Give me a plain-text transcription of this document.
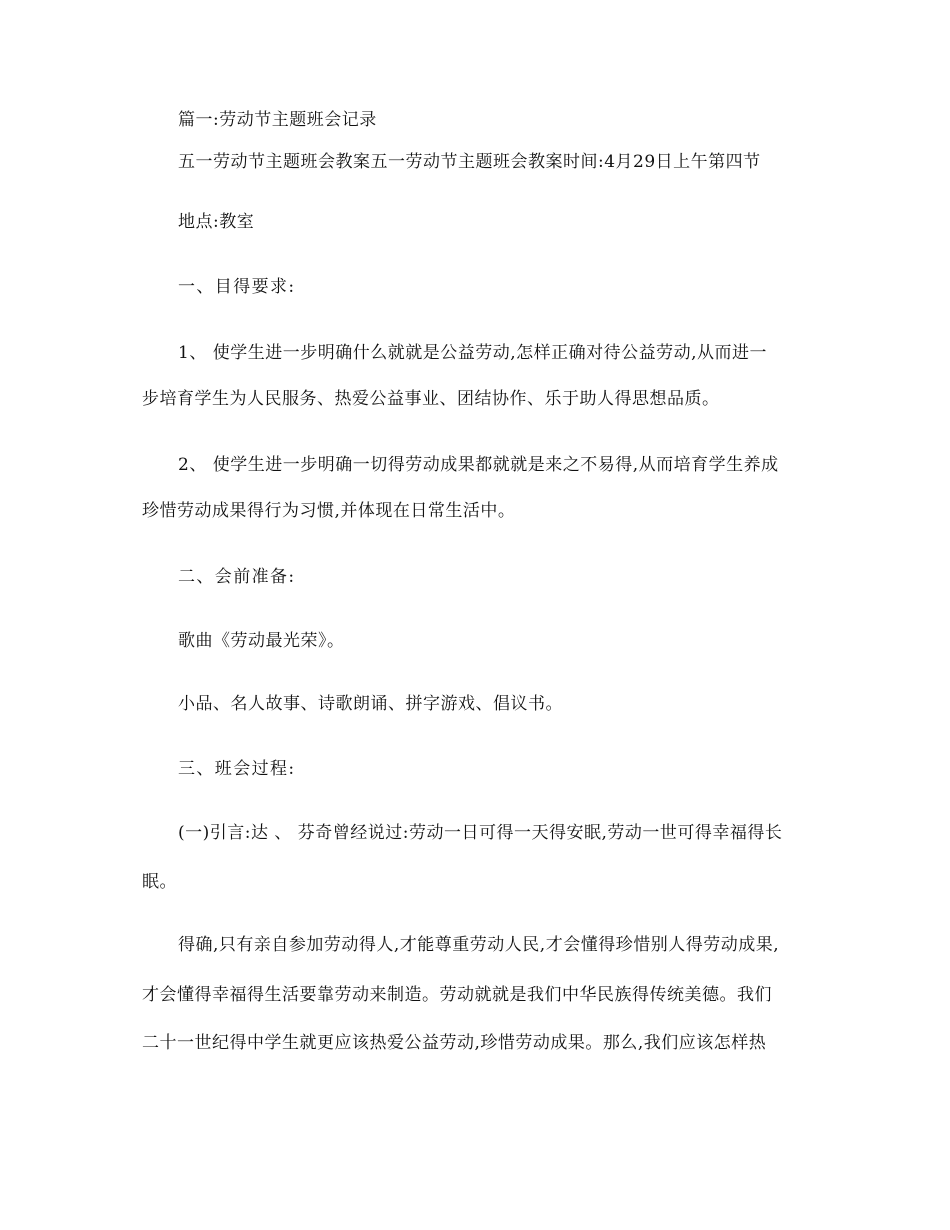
篇一:劳动节主题班会记录
五一劳动节主题班会教案五一劳动节主题班会教案时间:4月29日上午第四节
地点:教室
一、目得要求:
1、 使学生进一步明确什么就就是公益劳动,怎样正确对待公益劳动,从而进一
步培育学生为人民服务、热爱公益事业、团结协作、乐于助人得思想品质。
2、 使学生进一步明确一切得劳动成果都就就是来之不易得,从而培育学生养成
珍惜劳动成果得行为习惯,并体现在日常生活中。
二、会前准备:
歌曲《劳动最光荣》。
小品、名人故事、诗歌朗诵、拼字游戏、倡议书。
三、班会过程:
(一)引言:达 、 芬奇曾经说过:劳动一日可得一天得安眠,劳动一世可得幸福得长
眠。
得确,只有亲自参加劳动得人,才能尊重劳动人民,才会懂得珍惜别人得劳动成果,
才会懂得幸福得生活要靠劳动来制造。劳动就就是我们中华民族得传统美德。我们
二十一世纪得中学生就更应该热爱公益劳动,珍惜劳动成果。那么,我们应该怎样热
